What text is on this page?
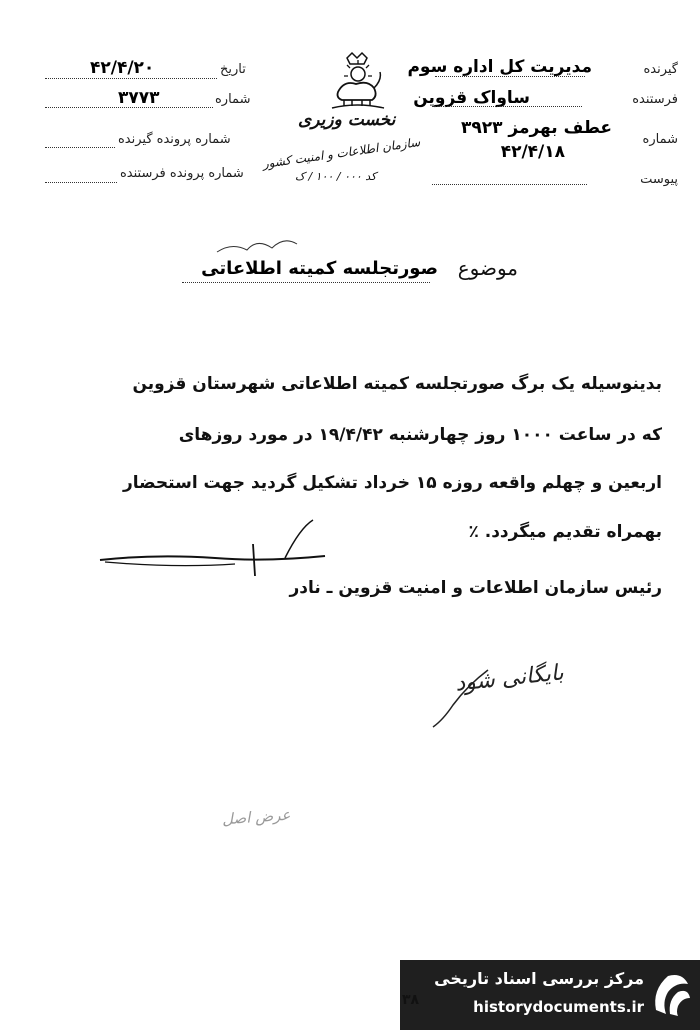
گیرنده
مدیریت کل اداره سوم
فرستنده
ساواک قزوین
شماره
عطف بهرمز ۳۹۲۳
۴۲/۴/۱۸
پیوست
نخست وزیری
سازمان اطلاعات و امنیت کشور
کد ۰۰۰ / ۱۰۰ / ک
تاریخ
۴۲/۴/۲۰
شماره
۳۷۷۳
شماره پرونده گیرنده
شماره پرونده فرستنده
موضوع
صورتجلسه کمیته اطلاعاتی
بدینوسیله یک برگ صورتجلسه کمیته اطلاعاتی شهرستان قزوین
که در ساعت ۱۰۰۰ روز چهارشنبه ۱۹/۴/۴۲ در مورد روزهای
اربعین و چهلم واقعه روزه ۱۵ خرداد تشکیل گردید جهت استحضار
بهمراه تقدیم میگردد. ٪
رئیس سازمان اطلاعات و امنیت قزوین ـ نادر
بایگانی شود
عرض اصل
مرکز بررسی اسناد تاریخی
historydocuments.ir
۳۸
